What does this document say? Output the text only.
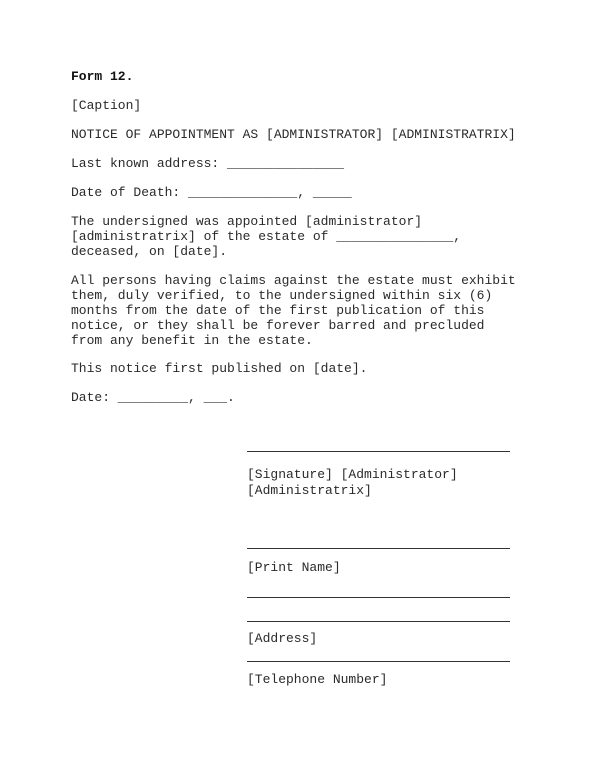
Form 12.

[Caption]

NOTICE OF APPOINTMENT AS [ADMINISTRATOR] [ADMINISTRATRIX]

Last known address: _______________

Date of Death: ______________, _____

The undersigned was appointed [administrator]
[administratrix] of the estate of _______________,
deceased, on [date].

All persons having claims against the estate must exhibit
them, duly verified, to the undersigned within six (6)
months from the date of the first publication of this
notice, or they shall be forever barred and precluded
from any benefit in the estate.

This notice first published on [date].

Date: _________, ___.

[Signature] [Administrator]
[Administratrix]

[Print Name]

[Address]

[Telephone Number]
